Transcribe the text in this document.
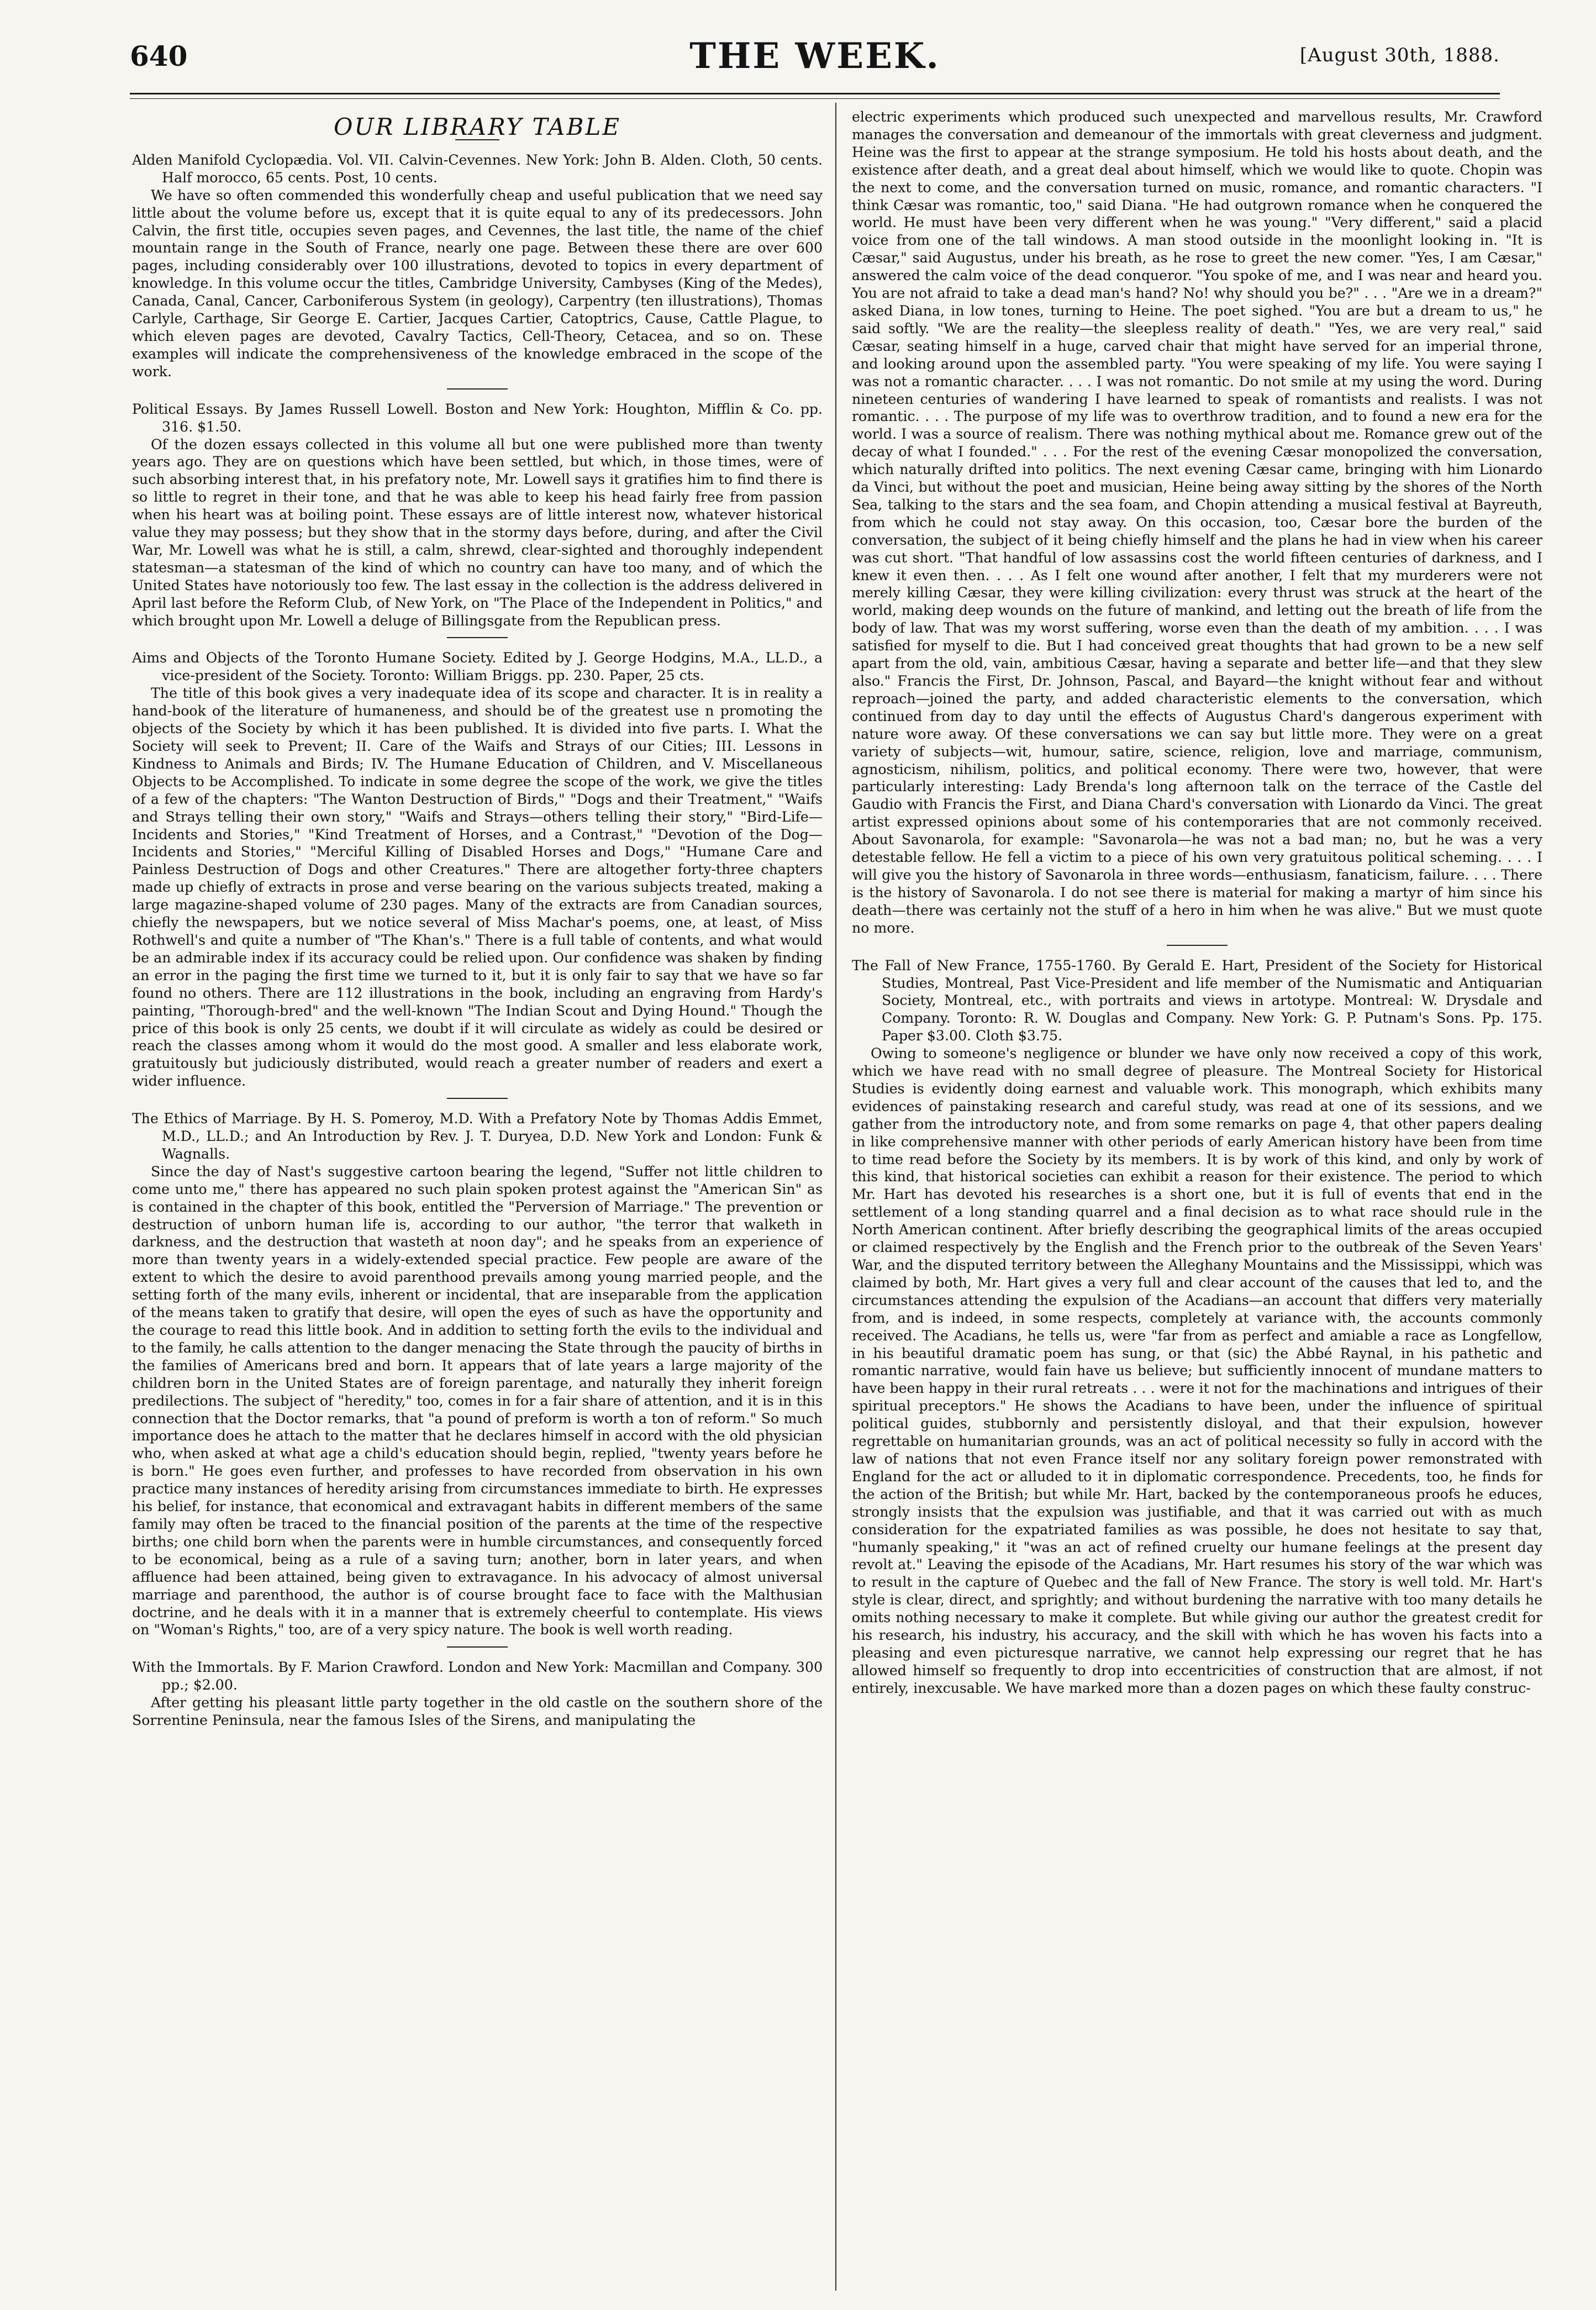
640	THE WEEK.	[August 30th, 1888.
OUR LIBRARY TABLE

Alden Manifold Cyclopædia. Vol. VII. Calvin-Cevennes. New York: John B. Alden. Cloth, 50 cents. Half morocco, 65 cents. Post, 10 cents.

We have so often commended this wonderfully cheap and useful publication that we need say little about the volume before us, except that it is quite equal to any of its predecessors. John Calvin, the first title, occupies seven pages, and Cevennes, the last title, the name of the chief mountain range in the South of France, nearly one page. Between these there are over 600 pages, including considerably over 100 illustrations, devoted to topics in every department of knowledge. In this volume occur the titles, Cambridge University, Cambyses (King of the Medes), Canada, Canal, Cancer, Carboniferous System (in geology), Carpentry (ten illustrations), Thomas Carlyle, Carthage, Sir George E. Cartier, Jacques Cartier, Catoptrics, Cause, Cattle Plague, to which eleven pages are devoted, Cavalry Tactics, Cell-Theory, Cetacea, and so on. These examples will indicate the comprehensiveness of the knowledge embraced in the scope of the work.

Political Essays. By James Russell Lowell. Boston and New York: Houghton, Mifflin & Co. pp. 316. $1.50.

Of the dozen essays collected in this volume all but one were published more than twenty years ago. They are on questions which have been settled, but which, in those times, were of such absorbing interest that, in his prefatory note, Mr. Lowell says it gratifies him to find there is so little to regret in their tone, and that he was able to keep his head fairly free from passion when his heart was at boiling point. These essays are of little interest now, whatever historical value they may possess; but they show that in the stormy days before, during, and after the Civil War, Mr. Lowell was what he is still, a calm, shrewd, clear-sighted and thoroughly independent statesman—a statesman of the kind of which no country can have too many, and of which the United States have notoriously too few. The last essay in the collection is the address delivered in April last before the Reform Club, of New York, on "The Place of the Independent in Politics," and which brought upon Mr. Lowell a deluge of Billingsgate from the Republican press.

Aims and Objects of the Toronto Humane Society. Edited by J. George Hodgins, M.A., LL.D., a vice-president of the Society. Toronto: William Briggs. pp. 230. Paper, 25 cts.

The title of this book gives a very inadequate idea of its scope and character. It is in reality a hand-book of the literature of humaneness, and should be of the greatest use n promoting the objects of the Society by which it has been published. It is divided into five parts. I. What the Society will seek to Prevent; II. Care of the Waifs and Strays of our Cities; III. Lessons in Kindness to Animals and Birds; IV. The Humane Education of Children, and V. Miscellaneous Objects to be Accomplished. To indicate in some degree the scope of the work, we give the titles of a few of the chapters: "The Wanton Destruction of Birds," "Dogs and their Treatment," "Waifs and Strays telling their own story," "Waifs and Strays—others telling their story," "Bird-Life—Incidents and Stories," "Kind Treatment of Horses, and a Contrast," "Devotion of the Dog—Incidents and Stories," "Merciful Killing of Disabled Horses and Dogs," "Humane Care and Painless Destruction of Dogs and other Creatures." There are altogether forty-three chapters made up chiefly of extracts in prose and verse bearing on the various subjects treated, making a large magazine-shaped volume of 230 pages. Many of the extracts are from Canadian sources, chiefly the newspapers, but we notice several of Miss Machar's poems, one, at least, of Miss Rothwell's and quite a number of "The Khan's." There is a full table of contents, and what would be an admirable index if its accuracy could be relied upon. Our confidence was shaken by finding an error in the paging the first time we turned to it, but it is only fair to say that we have so far found no others. There are 112 illustrations in the book, including an engraving from Hardy's painting, "Thorough-bred" and the well-known "The Indian Scout and Dying Hound." Though the price of this book is only 25 cents, we doubt if it will circulate as widely as could be desired or reach the classes among whom it would do the most good. A smaller and less elaborate work, gratuitously but judiciously distributed, would reach a greater number of readers and exert a wider influence.

The Ethics of Marriage. By H. S. Pomeroy, M.D. With a Prefatory Note by Thomas Addis Emmet, M.D., LL.D.; and An Introduction by Rev. J. T. Duryea, D.D. New York and London: Funk & Wagnalls.

Since the day of Nast's suggestive cartoon bearing the legend, "Suffer not little children to come unto me," there has appeared no such plain spoken protest against the "American Sin" as is contained in the chapter of this book, entitled the "Perversion of Marriage." The prevention or destruction of unborn human life is, according to our author, "the terror that walketh in darkness, and the destruction that wasteth at noon day"; and he speaks from an experience of more than twenty years in a widely-extended special practice. Few people are aware of the extent to which the desire to avoid parenthood prevails among young married people, and the setting forth of the many evils, inherent or incidental, that are inseparable from the application of the means taken to gratify that desire, will open the eyes of such as have the opportunity and the courage to read this little book. And in addition to setting forth the evils to the individual and to the family, he calls attention to the danger menacing the State through the paucity of births in the families of Americans bred and born. It appears that of late years a large majority of the children born in the United States are of foreign parentage, and naturally they inherit foreign predilections. The subject of "heredity," too, comes in for a fair share of attention, and it is in this connection that the Doctor remarks, that "a pound of preform is worth a ton of reform." So much importance does he attach to the matter that he declares himself in accord with the old physician who, when asked at what age a child's education should begin, replied, "twenty years before he is born." He goes even further, and professes to have recorded from observation in his own practice many instances of heredity arising from circumstances immediate to birth. He expresses his belief, for instance, that economical and extravagant habits in different members of the same family may often be traced to the financial position of the parents at the time of the respective births; one child born when the parents were in humble circumstances, and consequently forced to be economical, being as a rule of a saving turn; another, born in later years, and when affluence had been attained, being given to extravagance. In his advocacy of almost universal marriage and parenthood, the author is of course brought face to face with the Malthusian doctrine, and he deals with it in a manner that is extremely cheerful to contemplate. His views on "Woman's Rights," too, are of a very spicy nature. The book is well worth reading.

With the Immortals. By F. Marion Crawford. London and New York: Macmillan and Company. 300 pp.; $2.00.

After getting his pleasant little party together in the old castle on the southern shore of the Sorrentine Peninsula, near the famous Isles of the Sirens, and manipulating the

electric experiments which produced such unexpected and marvellous results, Mr. Crawford manages the conversation and demeanour of the immortals with great cleverness and judgment. Heine was the first to appear at the strange symposium. He told his hosts about death, and the existence after death, and a great deal about himself, which we would like to quote. Chopin was the next to come, and the conversation turned on music, romance, and romantic characters. "I think Cæsar was romantic, too," said Diana. "He had outgrown romance when he conquered the world. He must have been very different when he was young." "Very different," said a placid voice from one of the tall windows. A man stood outside in the moonlight looking in. "It is Cæsar," said Augustus, under his breath, as he rose to greet the new comer. "Yes, I am Cæsar," answered the calm voice of the dead conqueror. "You spoke of me, and I was near and heard you. You are not afraid to take a dead man's hand? No! why should you be?" . . . "Are we in a dream?" asked Diana, in low tones, turning to Heine. The poet sighed. "You are but a dream to us," he said softly. "We are the reality—the sleepless reality of death." "Yes, we are very real," said Cæsar, seating himself in a huge, carved chair that might have served for an imperial throne, and looking around upon the assembled party. "You were speaking of my life. You were saying I was not a romantic character. . . . I was not romantic. Do not smile at my using the word. During nineteen centuries of wandering I have learned to speak of romantists and realists. I was not romantic. . . . The purpose of my life was to overthrow tradition, and to found a new era for the world. I was a source of realism. There was nothing mythical about me. Romance grew out of the decay of what I founded." . . . For the rest of the evening Cæsar monopolized the conversation, which naturally drifted into politics. The next evening Cæsar came, bringing with him Lionardo da Vinci, but without the poet and musician, Heine being away sitting by the shores of the North Sea, talking to the stars and the sea foam, and Chopin attending a musical festival at Bayreuth, from which he could not stay away. On this occasion, too, Cæsar bore the burden of the conversation, the subject of it being chiefly himself and the plans he had in view when his career was cut short. "That handful of low assassins cost the world fifteen centuries of darkness, and I knew it even then. . . . As I felt one wound after another, I felt that my murderers were not merely killing Cæsar, they were killing civilization: every thrust was struck at the heart of the world, making deep wounds on the future of mankind, and letting out the breath of life from the body of law. That was my worst suffering, worse even than the death of my ambition. . . . I was satisfied for myself to die. But I had conceived great thoughts that had grown to be a new self apart from the old, vain, ambitious Cæsar, having a separate and better life—and that they slew also." Francis the First, Dr. Johnson, Pascal, and Bayard—the knight without fear and without reproach—joined the party, and added characteristic elements to the conversation, which continued from day to day until the effects of Augustus Chard's dangerous experiment with nature wore away. Of these conversations we can say but little more. They were on a great variety of subjects—wit, humour, satire, science, religion, love and marriage, communism, agnosticism, nihilism, politics, and political economy. There were two, however, that were particularly interesting: Lady Brenda's long afternoon talk on the terrace of the Castle del Gaudio with Francis the First, and Diana Chard's conversation with Lionardo da Vinci. The great artist expressed opinions about some of his contemporaries that are not commonly received. About Savonarola, for example: "Savonarola—he was not a bad man; no, but he was a very detestable fellow. He fell a victim to a piece of his own very gratuitous political scheming. . . . I will give you the history of Savonarola in three words—enthusiasm, fanaticism, failure. . . . There is the history of Savonarola. I do not see there is material for making a martyr of him since his death—there was certainly not the stuff of a hero in him when he was alive." But we must quote no more.

The Fall of New France, 1755-1760. By Gerald E. Hart, President of the Society for Historical Studies, Montreal, Past Vice-President and life member of the Numismatic and Antiquarian Society, Montreal, etc., with portraits and views in artotype. Montreal: W. Drysdale and Company. Toronto: R. W. Douglas and Company. New York: G. P. Putnam's Sons. Pp. 175. Paper $3.00. Cloth $3.75.

Owing to someone's negligence or blunder we have only now received a copy of this work, which we have read with no small degree of pleasure. The Montreal Society for Historical Studies is evidently doing earnest and valuable work. This monograph, which exhibits many evidences of painstaking research and careful study, was read at one of its sessions, and we gather from the introductory note, and from some remarks on page 4, that other papers dealing in like comprehensive manner with other periods of early American history have been from time to time read before the Society by its members. It is by work of this kind, and only by work of this kind, that historical societies can exhibit a reason for their existence. The period to which Mr. Hart has devoted his researches is a short one, but it is full of events that end in the settlement of a long standing quarrel and a final decision as to what race should rule in the North American continent. After briefly describing the geographical limits of the areas occupied or claimed respectively by the English and the French prior to the outbreak of the Seven Years' War, and the disputed territory between the Alleghany Mountains and the Mississippi, which was claimed by both, Mr. Hart gives a very full and clear account of the causes that led to, and the circumstances attending the expulsion of the Acadians—an account that differs very materially from, and is indeed, in some respects, completely at variance with, the accounts commonly received. The Acadians, he tells us, were "far from as perfect and amiable a race as Longfellow, in his beautiful dramatic poem has sung, or that (sic) the Abbé Raynal, in his pathetic and romantic narrative, would fain have us believe; but sufficiently innocent of mundane matters to have been happy in their rural retreats . . . were it not for the machinations and intrigues of their spiritual preceptors." He shows the Acadians to have been, under the influence of spiritual political guides, stubbornly and persistently disloyal, and that their expulsion, however regrettable on humanitarian grounds, was an act of political necessity so fully in accord with the law of nations that not even France itself nor any solitary foreign power remonstrated with England for the act or alluded to it in diplomatic correspondence. Precedents, too, he finds for the action of the British; but while Mr. Hart, backed by the contemporaneous proofs he educes, strongly insists that the expulsion was justifiable, and that it was carried out with as much consideration for the expatriated families as was possible, he does not hesitate to say that, "humanly speaking," it "was an act of refined cruelty our humane feelings at the present day revolt at." Leaving the episode of the Acadians, Mr. Hart resumes his story of the war which was to result in the capture of Quebec and the fall of New France. The story is well told. Mr. Hart's style is clear, direct, and sprightly; and without burdening the narrative with too many details he omits nothing necessary to make it complete. But while giving our author the greatest credit for his research, his industry, his accuracy, and the skill with which he has woven his facts into a pleasing and even picturesque narrative, we cannot help expressing our regret that he has allowed himself so frequently to drop into eccentricities of construction that are almost, if not entirely, inexcusable. We have marked more than a dozen pages on which these faulty construc-
